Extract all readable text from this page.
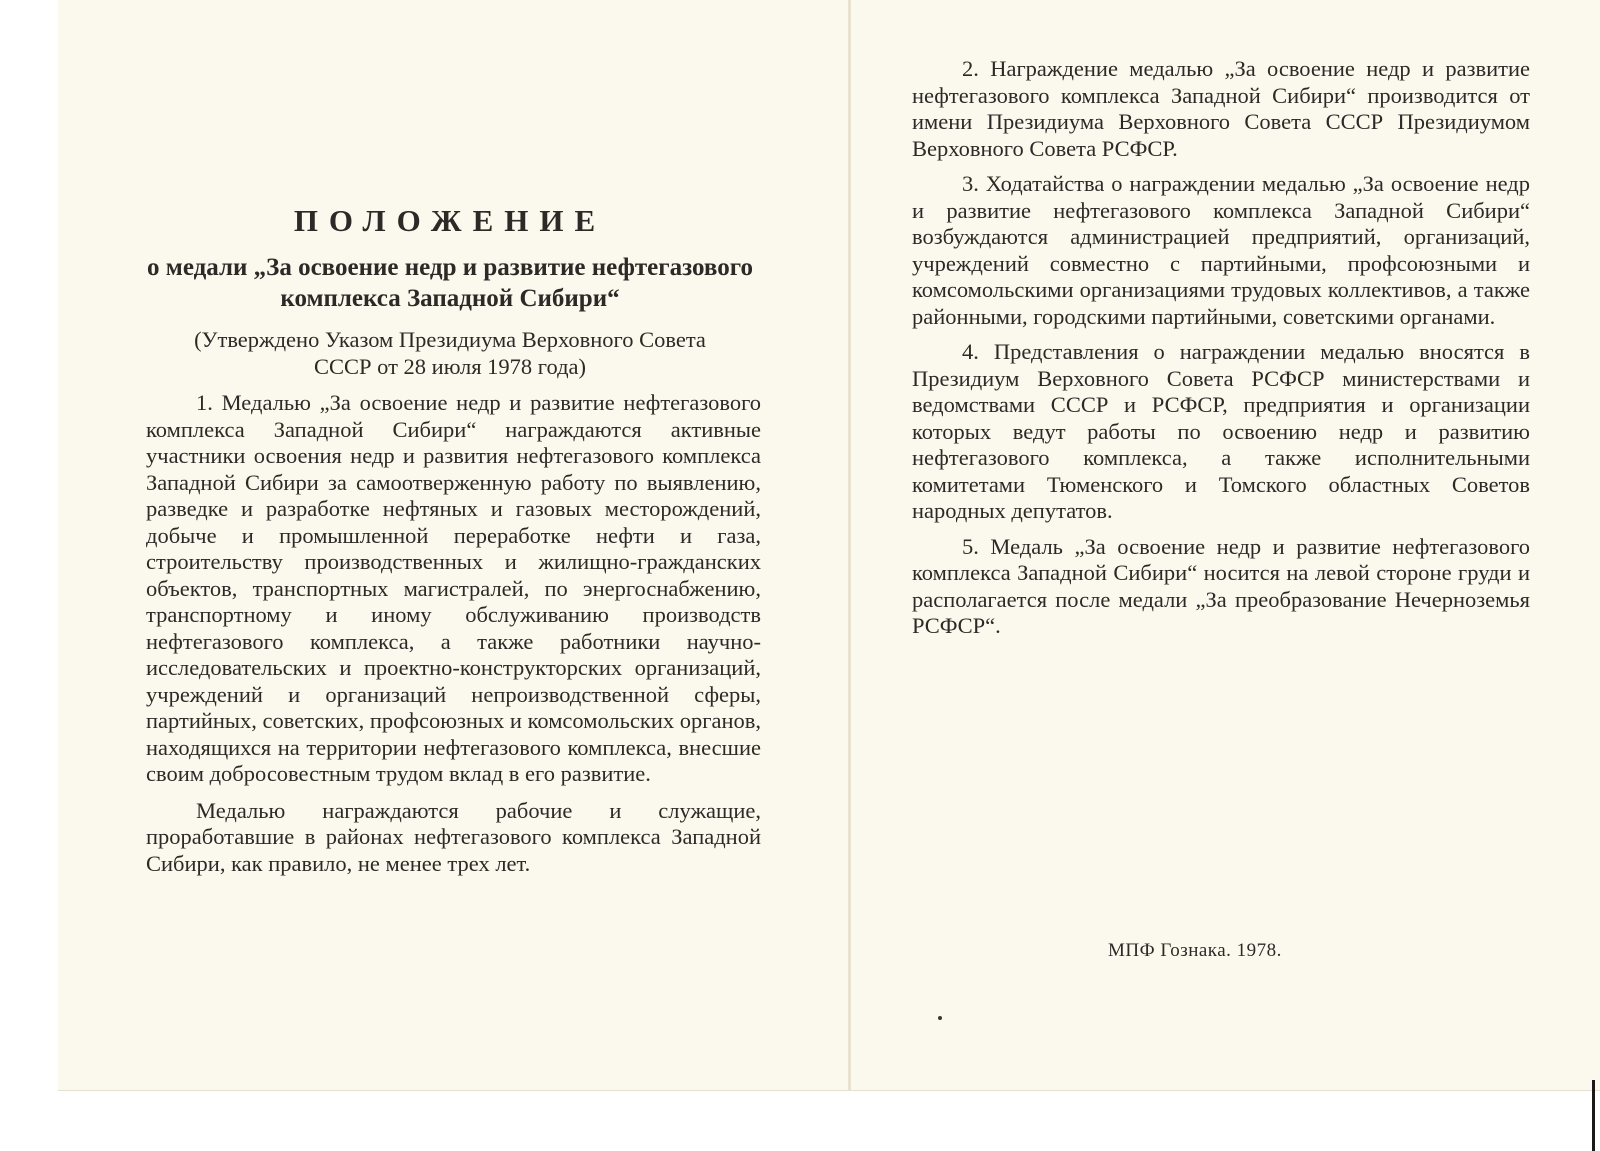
ПОЛОЖЕНИЕ
о медали „За освоение недр и развитие нефтегазового комплекса Западной Сибири“
(Утверждено Указом Президиума Верховного Совета СССР от 28 июля 1978 года)

1. Медалью „За освоение недр и развитие нефтегазового комплекса Западной Сибири“ награждаются активные участники освоения недр и развития нефтегазового комплекса Западной Сибири за самоотверженную работу по выявлению, разведке и разработке нефтяных и газовых месторождений, добыче и промышленной переработке нефти и газа, строительству производственных и жилищно-гражданских объектов, транспортных магистралей, по энергоснабжению, транспортному и иному обслуживанию производств нефтегазового комплекса, а также работники научно-исследовательских и проектно-конструкторских организаций, учреждений и организаций непроизводственной сферы, партийных, советских, профсоюзных и комсомольских органов, находящихся на территории нефтегазового комплекса, внесшие своим добросовестным трудом вклад в его развитие.

Медалью награждаются рабочие и служащие, проработавшие в районах нефтегазового комплекса Западной Сибири, как правило, не менее трех лет.

2. Награждение медалью „За освоение недр и развитие нефтегазового комплекса Западной Сибири“ производится от имени Президиума Верховного Совета СССР Президиумом Верховного Совета РСФСР.

3. Ходатайства о награждении медалью „За освоение недр и развитие нефтегазового комплекса Западной Сибири“ возбуждаются администрацией предприятий, организаций, учреждений совместно с партийными, профсоюзными и комсомольскими организациями трудовых коллективов, а также районными, городскими партийными, советскими органами.

4. Представления о награждении медалью вносятся в Президиум Верховного Совета РСФСР министерствами и ведомствами СССР и РСФСР, предприятия и организации которых ведут работы по освоению недр и развитию нефтегазового комплекса, а также исполнительными комитетами Тюменского и Томского областных Советов народных депутатов.

5. Медаль „За освоение недр и развитие нефтегазового комплекса Западной Сибири“ носится на левой стороне груди и располагается после медали „За преобразование Нечерноземья РСФСР“.

МПФ Гознака. 1978.
